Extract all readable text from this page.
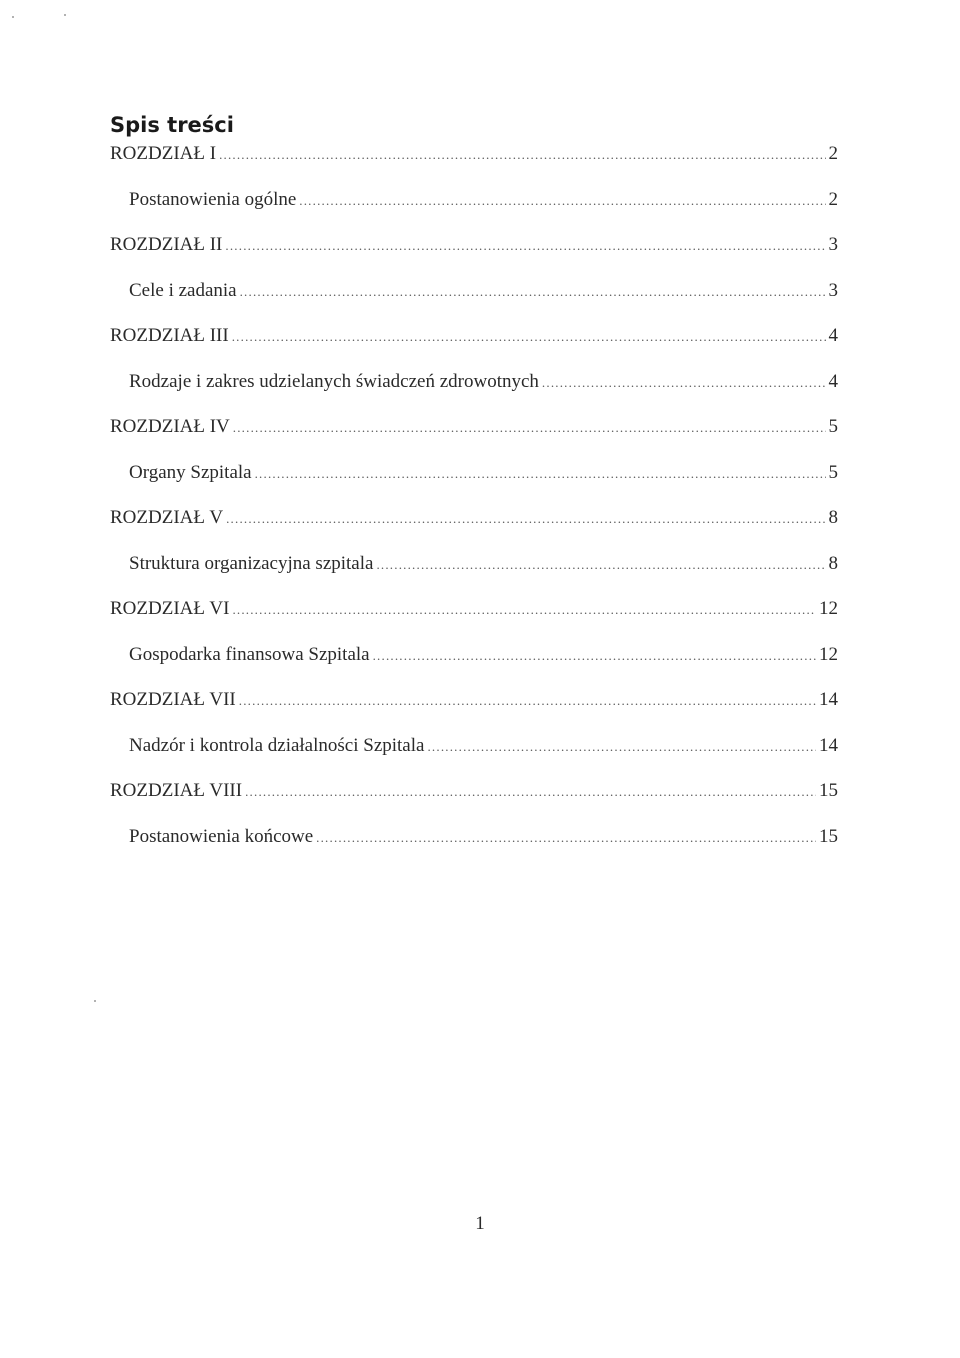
Spis treści
ROZDZIAŁ I .....	2
Postanowienia ogólne .....	2
ROZDZIAŁ II .....	3
Cele i zadania .....	3
ROZDZIAŁ III .....	4
Rodzaje i zakres udzielanych świadczeń zdrowotnych .....	4
ROZDZIAŁ IV .....	5
Organy Szpitala .....	5
ROZDZIAŁ V .....	8
Struktura organizacyjna szpitala .....	8
ROZDZIAŁ VI .....	12
Gospodarka finansowa Szpitala .....	12
ROZDZIAŁ VII .....	14
Nadzór i kontrola działalności Szpitala .....	14
ROZDZIAŁ VIII .....	15
Postanowienia końcowe .....	15
1
